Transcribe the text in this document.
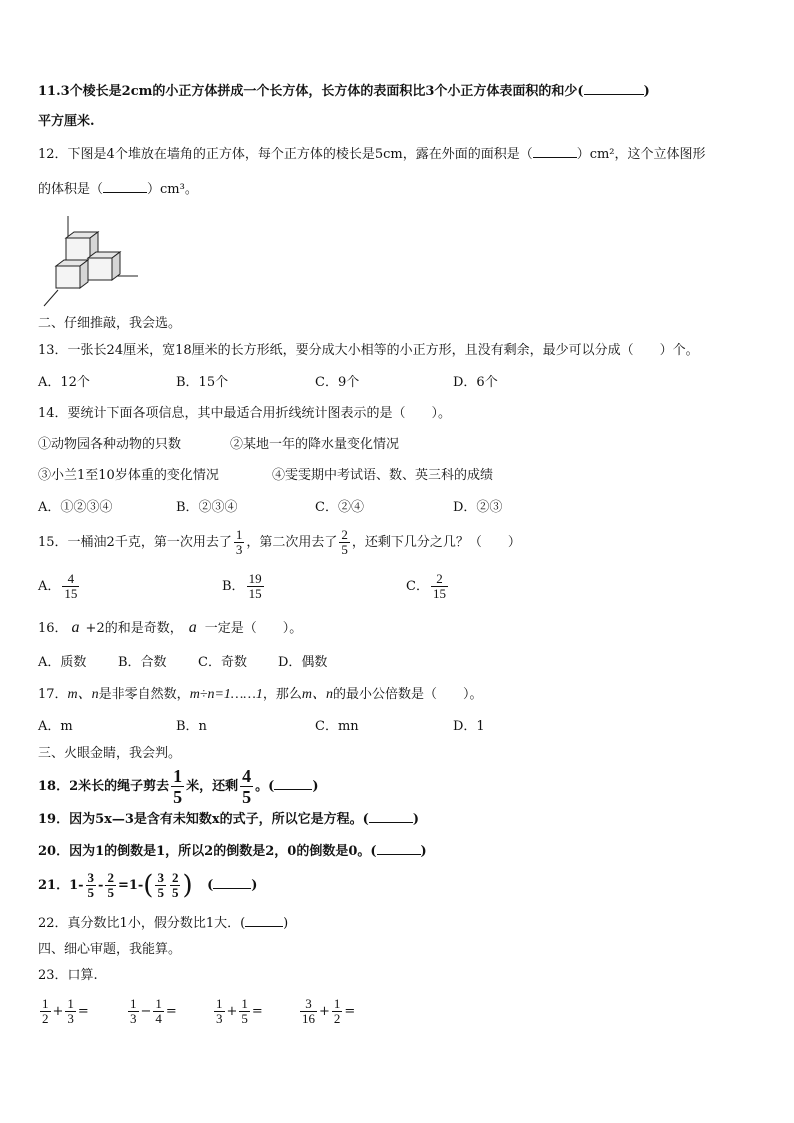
11.3个棱长是2cm的小正方体拼成一个长方体，长方体的表面积比3个小正方体表面积的和少(	)
平方厘米.
12．下图是4个堆放在墙角的正方体，每个正方体的棱长是5cm，露在外面的面积是（	）cm²，这个立体图形
的体积是（	）cm³。
二、仔细推敲，我会选。
13．一张长24厘米，宽18厘米的长方形纸，要分成大小相等的小正方形，且没有剩余，最少可以分成（　　）个。
A．12个	B．15个	C．9个	D．6个
14．要统计下面各项信息，其中最适合用折线统计图表示的是（　　）。
①动物园各种动物的只数	②某地一年的降水量变化情况
③小兰1至10岁体重的变化情况	④雯雯期中考试语、数、英三科的成绩
A．①②③④	B．②③④	C．②④	D．②③
15．一桶油2千克，第一次用去了 $\frac{1}{3}$ ，第二次用去了 $\frac{2}{5}$ ，还剩下几分之几？（　　）
A． $\frac{4}{15}$	B． $\frac{19}{15}$	C． $\frac{2}{15}$
16． a +2的和是奇数， a 一定是（　　）。
A．质数 B．合数 C．奇数 D．偶数
17．m、n是非零自然数，m÷n=1……1，那么m、n的最小公倍数是（　　）。
A．m	B．n	C．mn	D．1
三、火眼金睛，我会判。
18．2米长的绳子剪去 $\frac{1}{5}$ 米，还剩 $\frac{4}{5}$ 。(	)
19．因为5x—3是含有未知数x的式子，所以它是方程。(	)
20．因为1的倒数是1，所以2的倒数是2，0的倒数是0。(	)
21．$1- \frac{3}{5} - \frac{2}{5} =1-( \frac{3}{5} \frac{2}{5}$ ) (	)
22．真分数比1小，假分数比1大．(	)
四、细心审题，我能算。
23．口算.
$\frac{1}{2} + \frac{1}{3}$ =	$\frac{1}{3} - \frac{1}{4}$ =	$\frac{1}{3} + \frac{1}{5}$ =	$\frac{3}{16} + \frac{1}{2}$ =
